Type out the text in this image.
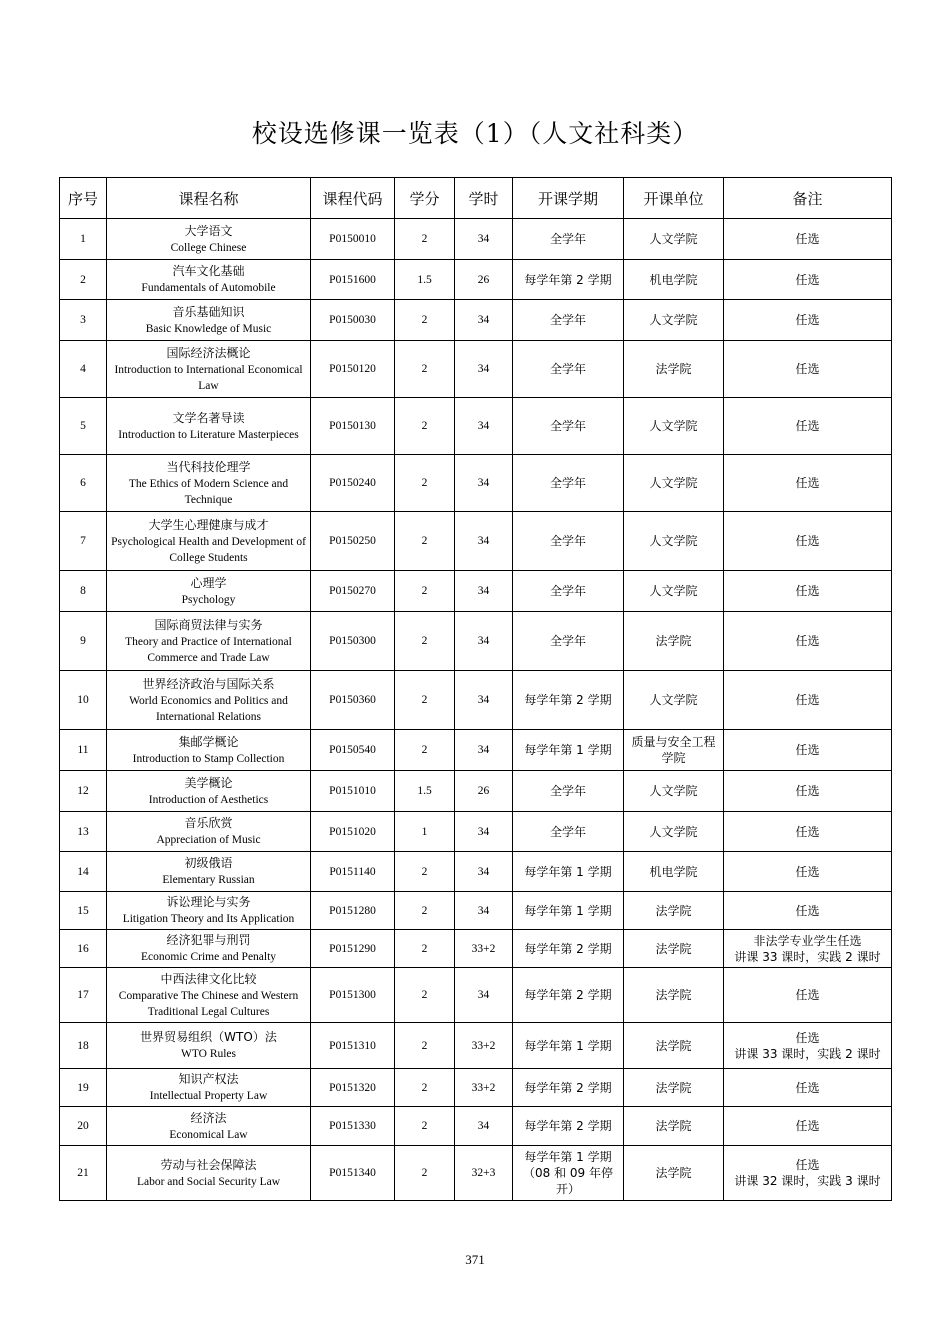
校设选修课一览表（1）（人文社科类）
序号	课程名称	课程代码	学分	学时	开课学期	开课单位	备注
1	大学语文
College Chinese	P0150010	2	34	全学年	人文学院	任选
2	汽车文化基础
Fundamentals of Automobile	P0151600	1.5	26	每学年第 2 学期	机电学院	任选
3	音乐基础知识
Basic Knowledge of Music	P0150030	2	34	全学年	人文学院	任选
4	国际经济法概论
Introduction to International Economical Law	P0150120	2	34	全学年	法学院	任选
5	文学名著导读
Introduction to Literature Masterpieces	P0150130	2	34	全学年	人文学院	任选
6	当代科技伦理学
The Ethics of Modern Science and Technique	P0150240	2	34	全学年	人文学院	任选
7	大学生心理健康与成才
Psychological Health and Development of College Students	P0150250	2	34	全学年	人文学院	任选
8	心理学
Psychology	P0150270	2	34	全学年	人文学院	任选
9	国际商贸法律与实务
Theory and Practice of International Commerce and Trade Law	P0150300	2	34	全学年	法学院	任选
10	世界经济政治与国际关系
World Economics and Politics and International Relations	P0150360	2	34	每学年第 2 学期	人文学院	任选
11	集邮学概论
Introduction to Stamp Collection	P0150540	2	34	每学年第 1 学期	质量与安全工程学院	任选
12	美学概论
Introduction of Aesthetics	P0151010	1.5	26	全学年	人文学院	任选
13	音乐欣赏
Appreciation of Music	P0151020	1	34	全学年	人文学院	任选
14	初级俄语
Elementary Russian	P0151140	2	34	每学年第 1 学期	机电学院	任选
15	诉讼理论与实务
Litigation Theory and Its Application	P0151280	2	34	每学年第 1 学期	法学院	任选
16	经济犯罪与刑罚
Economic Crime and Penalty	P0151290	2	33+2	每学年第 2 学期	法学院	非法学专业学生任选
讲课 33 课时，实践 2 课时
17	中西法律文化比较
Comparative The Chinese and Western Traditional Legal Cultures	P0151300	2	34	每学年第 2 学期	法学院	任选
18	世界贸易组织（WTO）法
WTO Rules	P0151310	2	33+2	每学年第 1 学期	法学院	任选
讲课 33 课时，实践 2 课时
19	知识产权法
Intellectual Property Law	P0151320	2	33+2	每学年第 2 学期	法学院	任选
20	经济法
Economical Law	P0151330	2	34	每学年第 2 学期	法学院	任选
21	劳动与社会保障法
Labor and Social Security Law	P0151340	2	32+3	每学年第 1 学期
（08 和 09 年停开）	法学院	任选
讲课 32 课时，实践 3 课时
371
